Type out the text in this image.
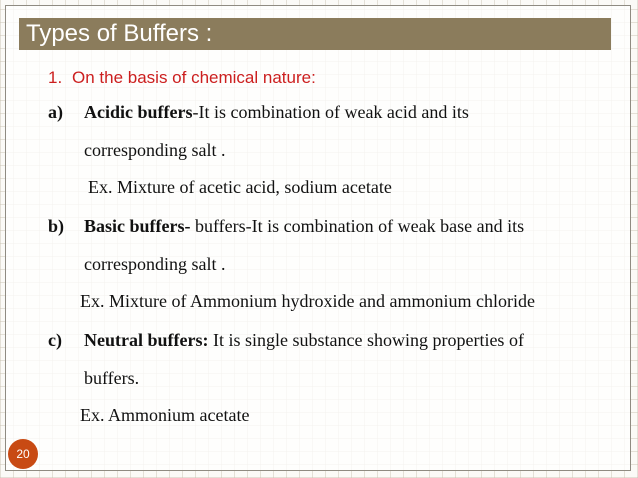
Types of Buffers :
1. On the basis of chemical nature:
a) Acidic buffers-It is combination of weak acid and its
corresponding salt .
Ex. Mixture of acetic acid, sodium acetate
b) Basic buffers- buffers-It is combination of weak base and its
corresponding salt .
Ex. Mixture of Ammonium hydroxide and ammonium chloride
c) Neutral buffers: It is single substance showing properties of
buffers.
Ex. Ammonium acetate
20
